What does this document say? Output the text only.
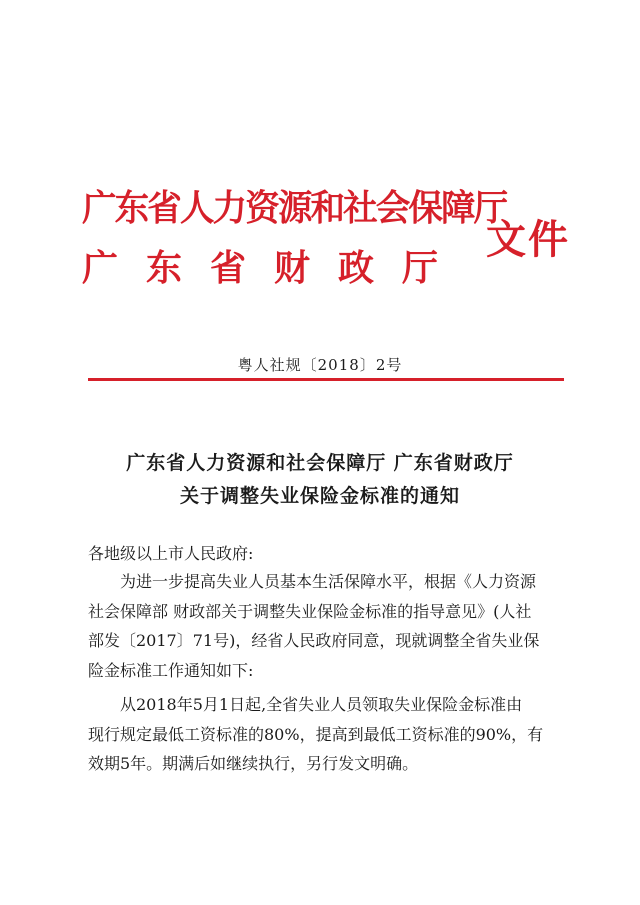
广东省人力资源和社会保障厅
广东省财政厅
文件
粤人社规〔2018〕2号
广东省人力资源和社会保障厅 广东省财政厅
关于调整失业保险金标准的通知
各地级以上市人民政府:
为进一步提高失业人员基本生活保障水平，根据《人力资源
社会保障部 财政部关于调整失业保险金标准的指导意见》(人社
部发〔2017〕71号)，经省人民政府同意，现就调整全省失业保
险金标准工作通知如下:
从2018年5月1日起,全省失业人员领取失业保险金标准由
现行规定最低工资标准的80%，提高到最低工资标准的90%，有
效期5年。期满后如继续执行，另行发文明确。
